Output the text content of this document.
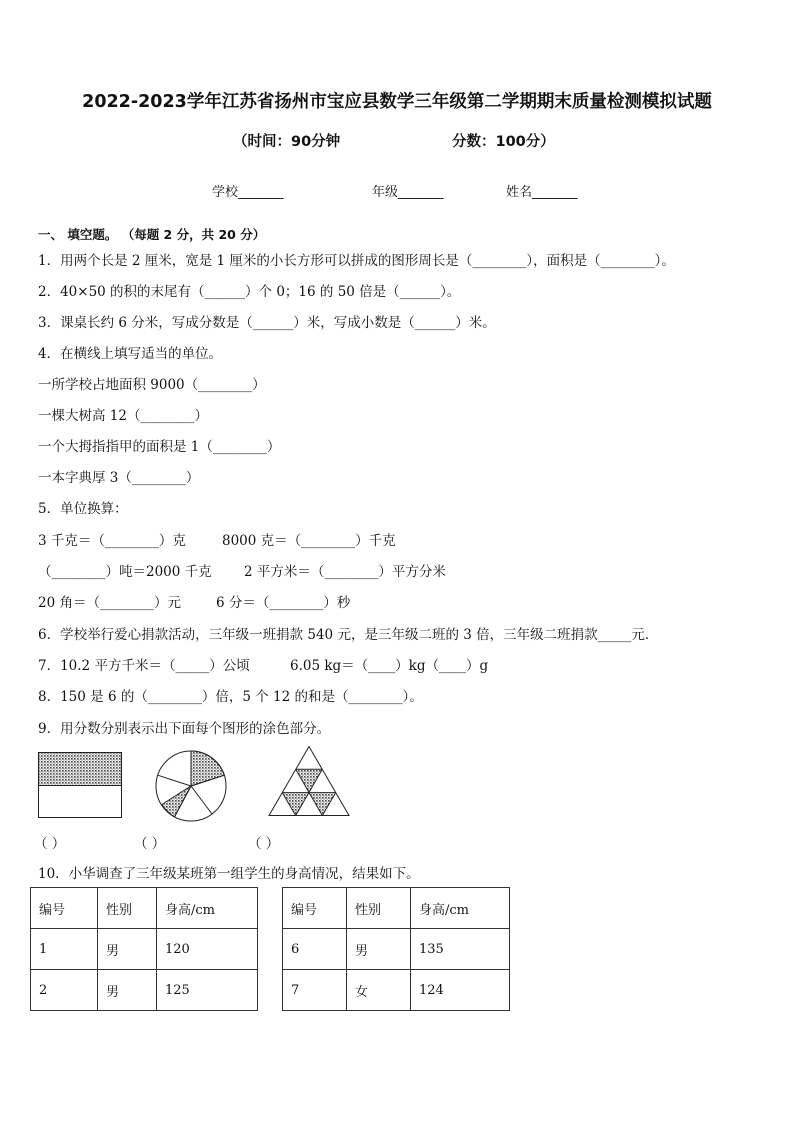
2022-2023学年江苏省扬州市宝应县数学三年级第二学期期末质量检测模拟试题
（时间：90分钟	分数：100分）
学校_______	年级_______	姓名_______
一、 填空题。 （每题 2 分，共 20 分）
1．用两个长是 2 厘米，宽是 1 厘米的小长方形可以拼成的图形周长是（________），面积是（________）。
2．40×50 的积的末尾有（______）个 0；16 的 50 倍是（______）。
3．课桌长约 6 分米，写成分数是（______）米，写成小数是（______）米。
4．在横线上填写适当的单位。
一所学校占地面积 9000（________）
一棵大树高 12（________）
一个大拇指指甲的面积是 1（________）
一本字典厚 3（________）
5．单位换算：
3 千克＝（________）克	8000 克＝（________）千克
（________）吨＝2000 千克 2 平方米＝（________）平方分米
20 角＝（________）元	6 分＝（________）秒
6．学校举行爱心捐款活动，三年级一班捐款 540 元，是三年级二班的 3 倍，三年级二班捐款_____元．
7．10.2 平方千米＝（_____）公顷	6.05 kg＝（____）kg（____）g
8．150 是 6 的（________）倍，5 个 12 的和是（________）。
9．用分数分别表示出下面每个图形的涂色部分。
（ ）	（ ）	（ ）
10．小华调查了三年级某班第一组学生的身高情况，结果如下。
编号	性别	身高/cm
1	男	120
2	男	125
编号	性别	身高/cm
6	男	135
7	女	124
